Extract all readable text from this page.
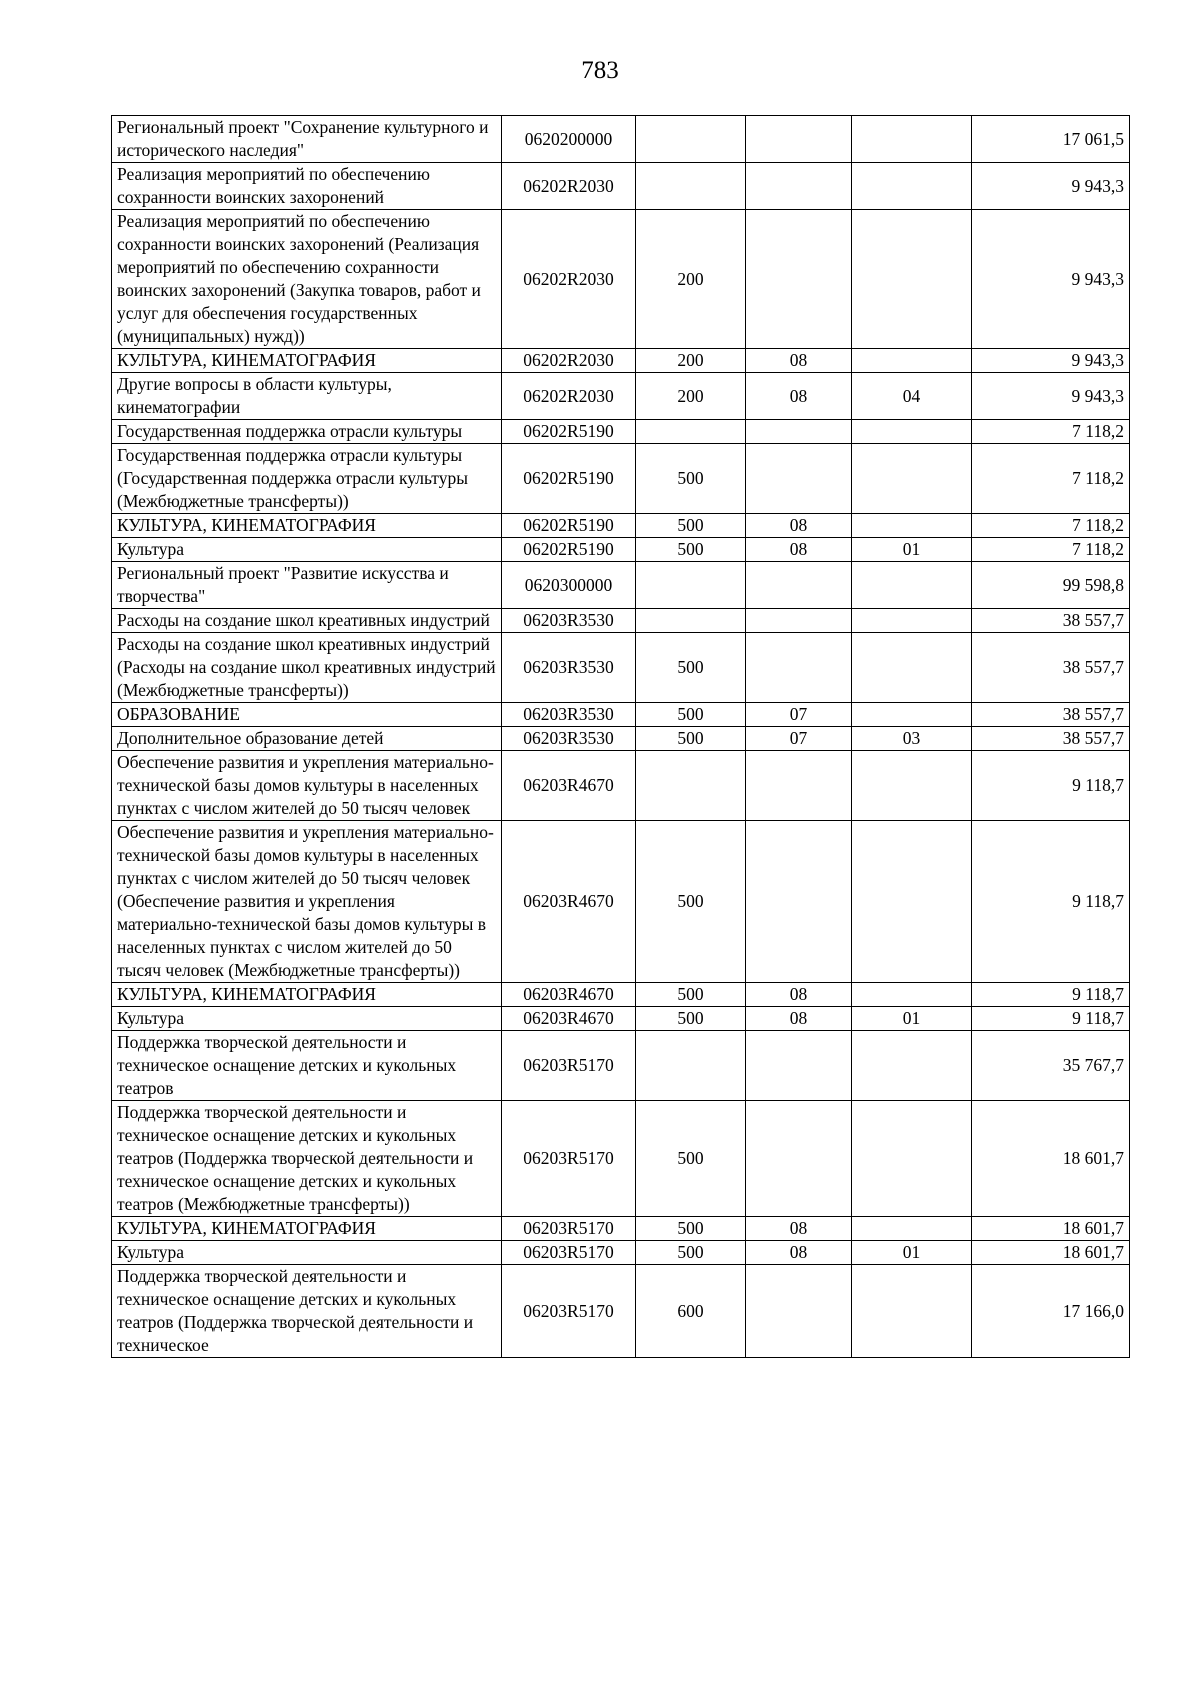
783
Региональный проект "Сохранение культурного и исторического наследия"	0620200000				17 061,5
Реализация мероприятий по обеспечению сохранности воинских захоронений	06202R2030				9 943,3
Реализация мероприятий по обеспечению сохранности воинских захоронений (Реализация мероприятий по обеспечению сохранности воинских захоронений (Закупка товаров, работ и услуг для обеспечения государственных (муниципальных) нужд))	06202R2030	200			9 943,3
КУЛЬТУРА, КИНЕМАТОГРАФИЯ	06202R2030	200	08		9 943,3
Другие вопросы в области культуры, кинематографии	06202R2030	200	08	04	9 943,3
Государственная поддержка отрасли культуры	06202R5190				7 118,2
Государственная поддержка отрасли культуры (Государственная поддержка отрасли культуры (Межбюджетные трансферты))	06202R5190	500			7 118,2
КУЛЬТУРА, КИНЕМАТОГРАФИЯ	06202R5190	500	08		7 118,2
Культура	06202R5190	500	08	01	7 118,2
Региональный проект "Развитие искусства и творчества"	0620300000				99 598,8
Расходы на создание школ креативных индустрий	06203R3530				38 557,7
Расходы на создание школ креативных индустрий (Расходы на создание школ креативных индустрий (Межбюджетные трансферты))	06203R3530	500			38 557,7
ОБРАЗОВАНИЕ	06203R3530	500	07		38 557,7
Дополнительное образование детей	06203R3530	500	07	03	38 557,7
Обеспечение развития и укрепления материально-технической базы домов культуры в населенных пунктах с числом жителей до 50 тысяч человек	06203R4670				9 118,7
Обеспечение развития и укрепления материально-технической базы домов культуры в населенных пунктах с числом жителей до 50 тысяч человек (Обеспечение развития и укрепления материально-технической базы домов культуры в населенных пунктах с числом жителей до 50 тысяч человек (Межбюджетные трансферты))	06203R4670	500			9 118,7
КУЛЬТУРА, КИНЕМАТОГРАФИЯ	06203R4670	500	08		9 118,7
Культура	06203R4670	500	08	01	9 118,7
Поддержка творческой деятельности и техническое оснащение детских и кукольных театров	06203R5170				35 767,7
Поддержка творческой деятельности и техническое оснащение детских и кукольных театров (Поддержка творческой деятельности и техническое оснащение детских и кукольных театров (Межбюджетные трансферты))	06203R5170	500			18 601,7
КУЛЬТУРА, КИНЕМАТОГРАФИЯ	06203R5170	500	08		18 601,7
Культура	06203R5170	500	08	01	18 601,7
Поддержка творческой деятельности и техническое оснащение детских и кукольных театров (Поддержка творческой деятельности и техническое	06203R5170	600			17 166,0
